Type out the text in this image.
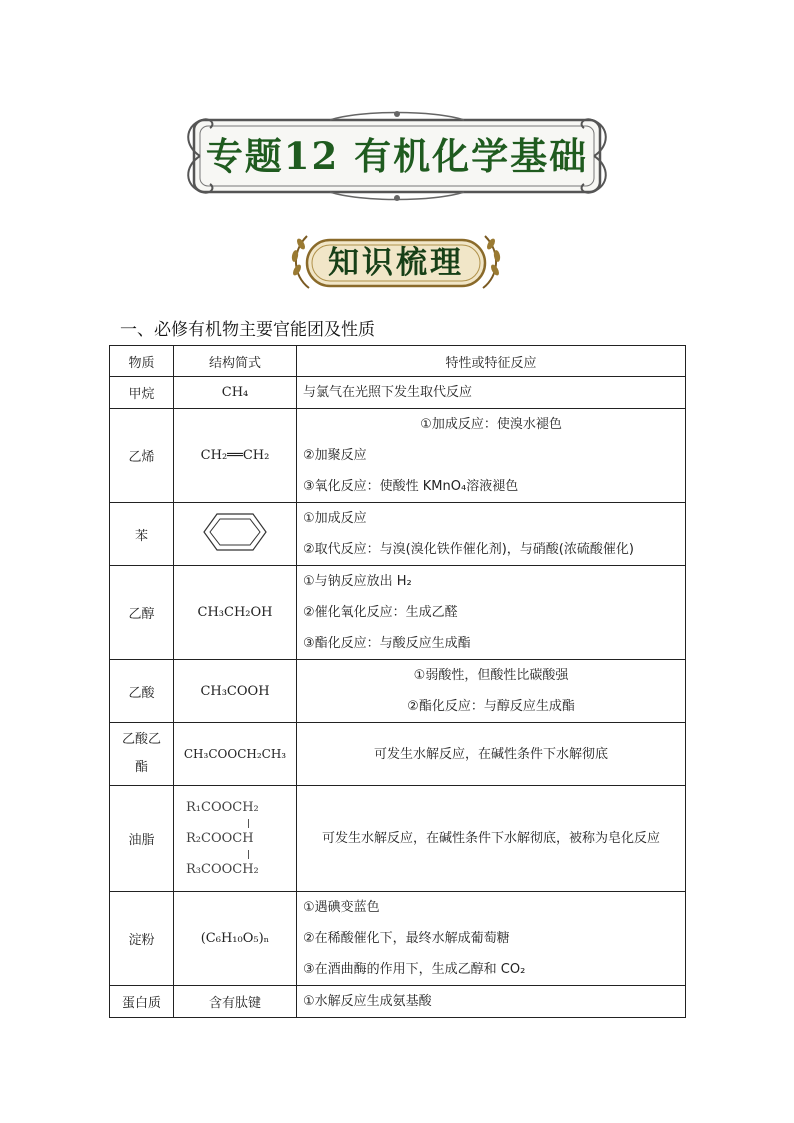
专题12 有机化学基础
知识梳理
一、必修有机物主要官能团及性质
物质	结构简式	特性或特征反应
甲烷	CH₄	与氯气在光照下发生取代反应

乙烯	CH₂══CH₂	①加成反应：使溴水褪色
②加聚反应
③氧化反应：使酸性 KMnO₄溶液褪色

苯		①加成反应
②取代反应：与溴(溴化铁作催化剂)，与硝酸(浓硫酸催化)

乙醇	CH₃CH₂OH	①与钠反应放出 H₂
②催化氧化反应：生成乙醛
③酯化反应：与酸反应生成酯

乙酸	CH₃COOH	①弱酸性，但酸性比碳酸强
②酯化反应：与醇反应生成酯

乙酸乙酯	CH₃COOCH₂CH₃	可发生水解反应，在碱性条件下水解彻底

油脂	R₁COOCH₂
R₂COOCH
R₃COOCH₂	可发生水解反应，在碱性条件下水解彻底，被称为皂化反应

淀粉	(C₆H₁₀O₅)ₙ	①遇碘变蓝色
②在稀酸催化下，最终水解成葡萄糖
③在酒曲酶的作用下，生成乙醇和 CO₂

蛋白质	含有肽键	①水解反应生成氨基酸
